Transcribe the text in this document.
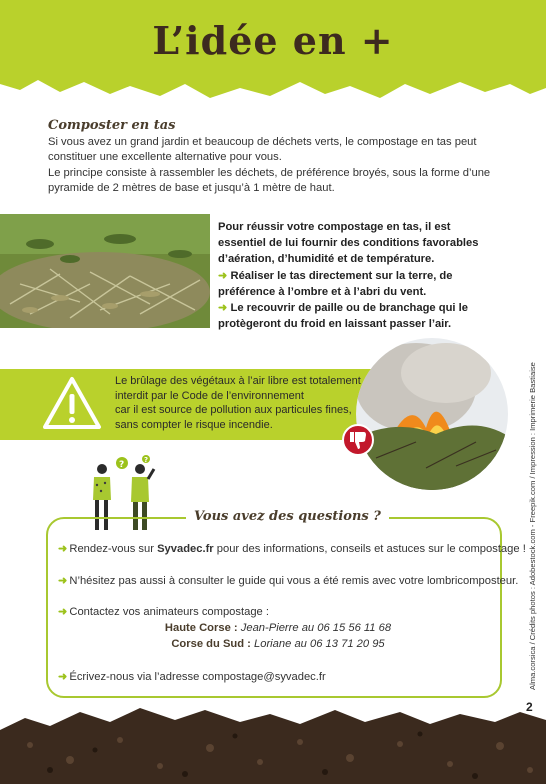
L’idée en +
Composter en tas

Si vous avez un grand jardin et beaucoup de déchets verts, le compostage en tas peut constituer une excellente alternative pour vous.

Le principe consiste à rassembler les déchets, de préférence broyés, sous la forme d’une pyramide de 2 mètres de base et jusqu’à 1 mètre de haut.

Pour réussir votre compostage en tas, il est essentiel de lui fournir des conditions favorables d’aération, d’humidité et de température.
➜ Réaliser le tas directement sur la terre, de préférence à l’ombre et à l’abri du vent.
➜ Le recouvrir de paille ou de branchage qui le protègeront du froid en laissant passer l’air.
Le brûlage des végétaux à l’air libre est totalement interdit par le Code de l’environnement
car il est source de pollution aux particules fines, sans compter le risque incendie.
?	?
Vous avez des questions ?
➜ Rendez-vous sur Syvadec.fr pour des informations, conseils et astuces sur le compostage !
➜ N’hésitez pas aussi à consulter le guide qui vous a été remis avec votre lombricomposteur.
➜ Contactez vos animateurs compostage :
Haute Corse : Jean-Pierre au 06 15 56 11 68
Corse du Sud : Loriane au 06 13 71 20 95
➜ Écrivez-nous via l’adresse compostage@syvadec.fr	Alma.corsica / Crédits photos : Adobestock.com - Freepik.com / Impression : Imprimerie Bastiaise
2
